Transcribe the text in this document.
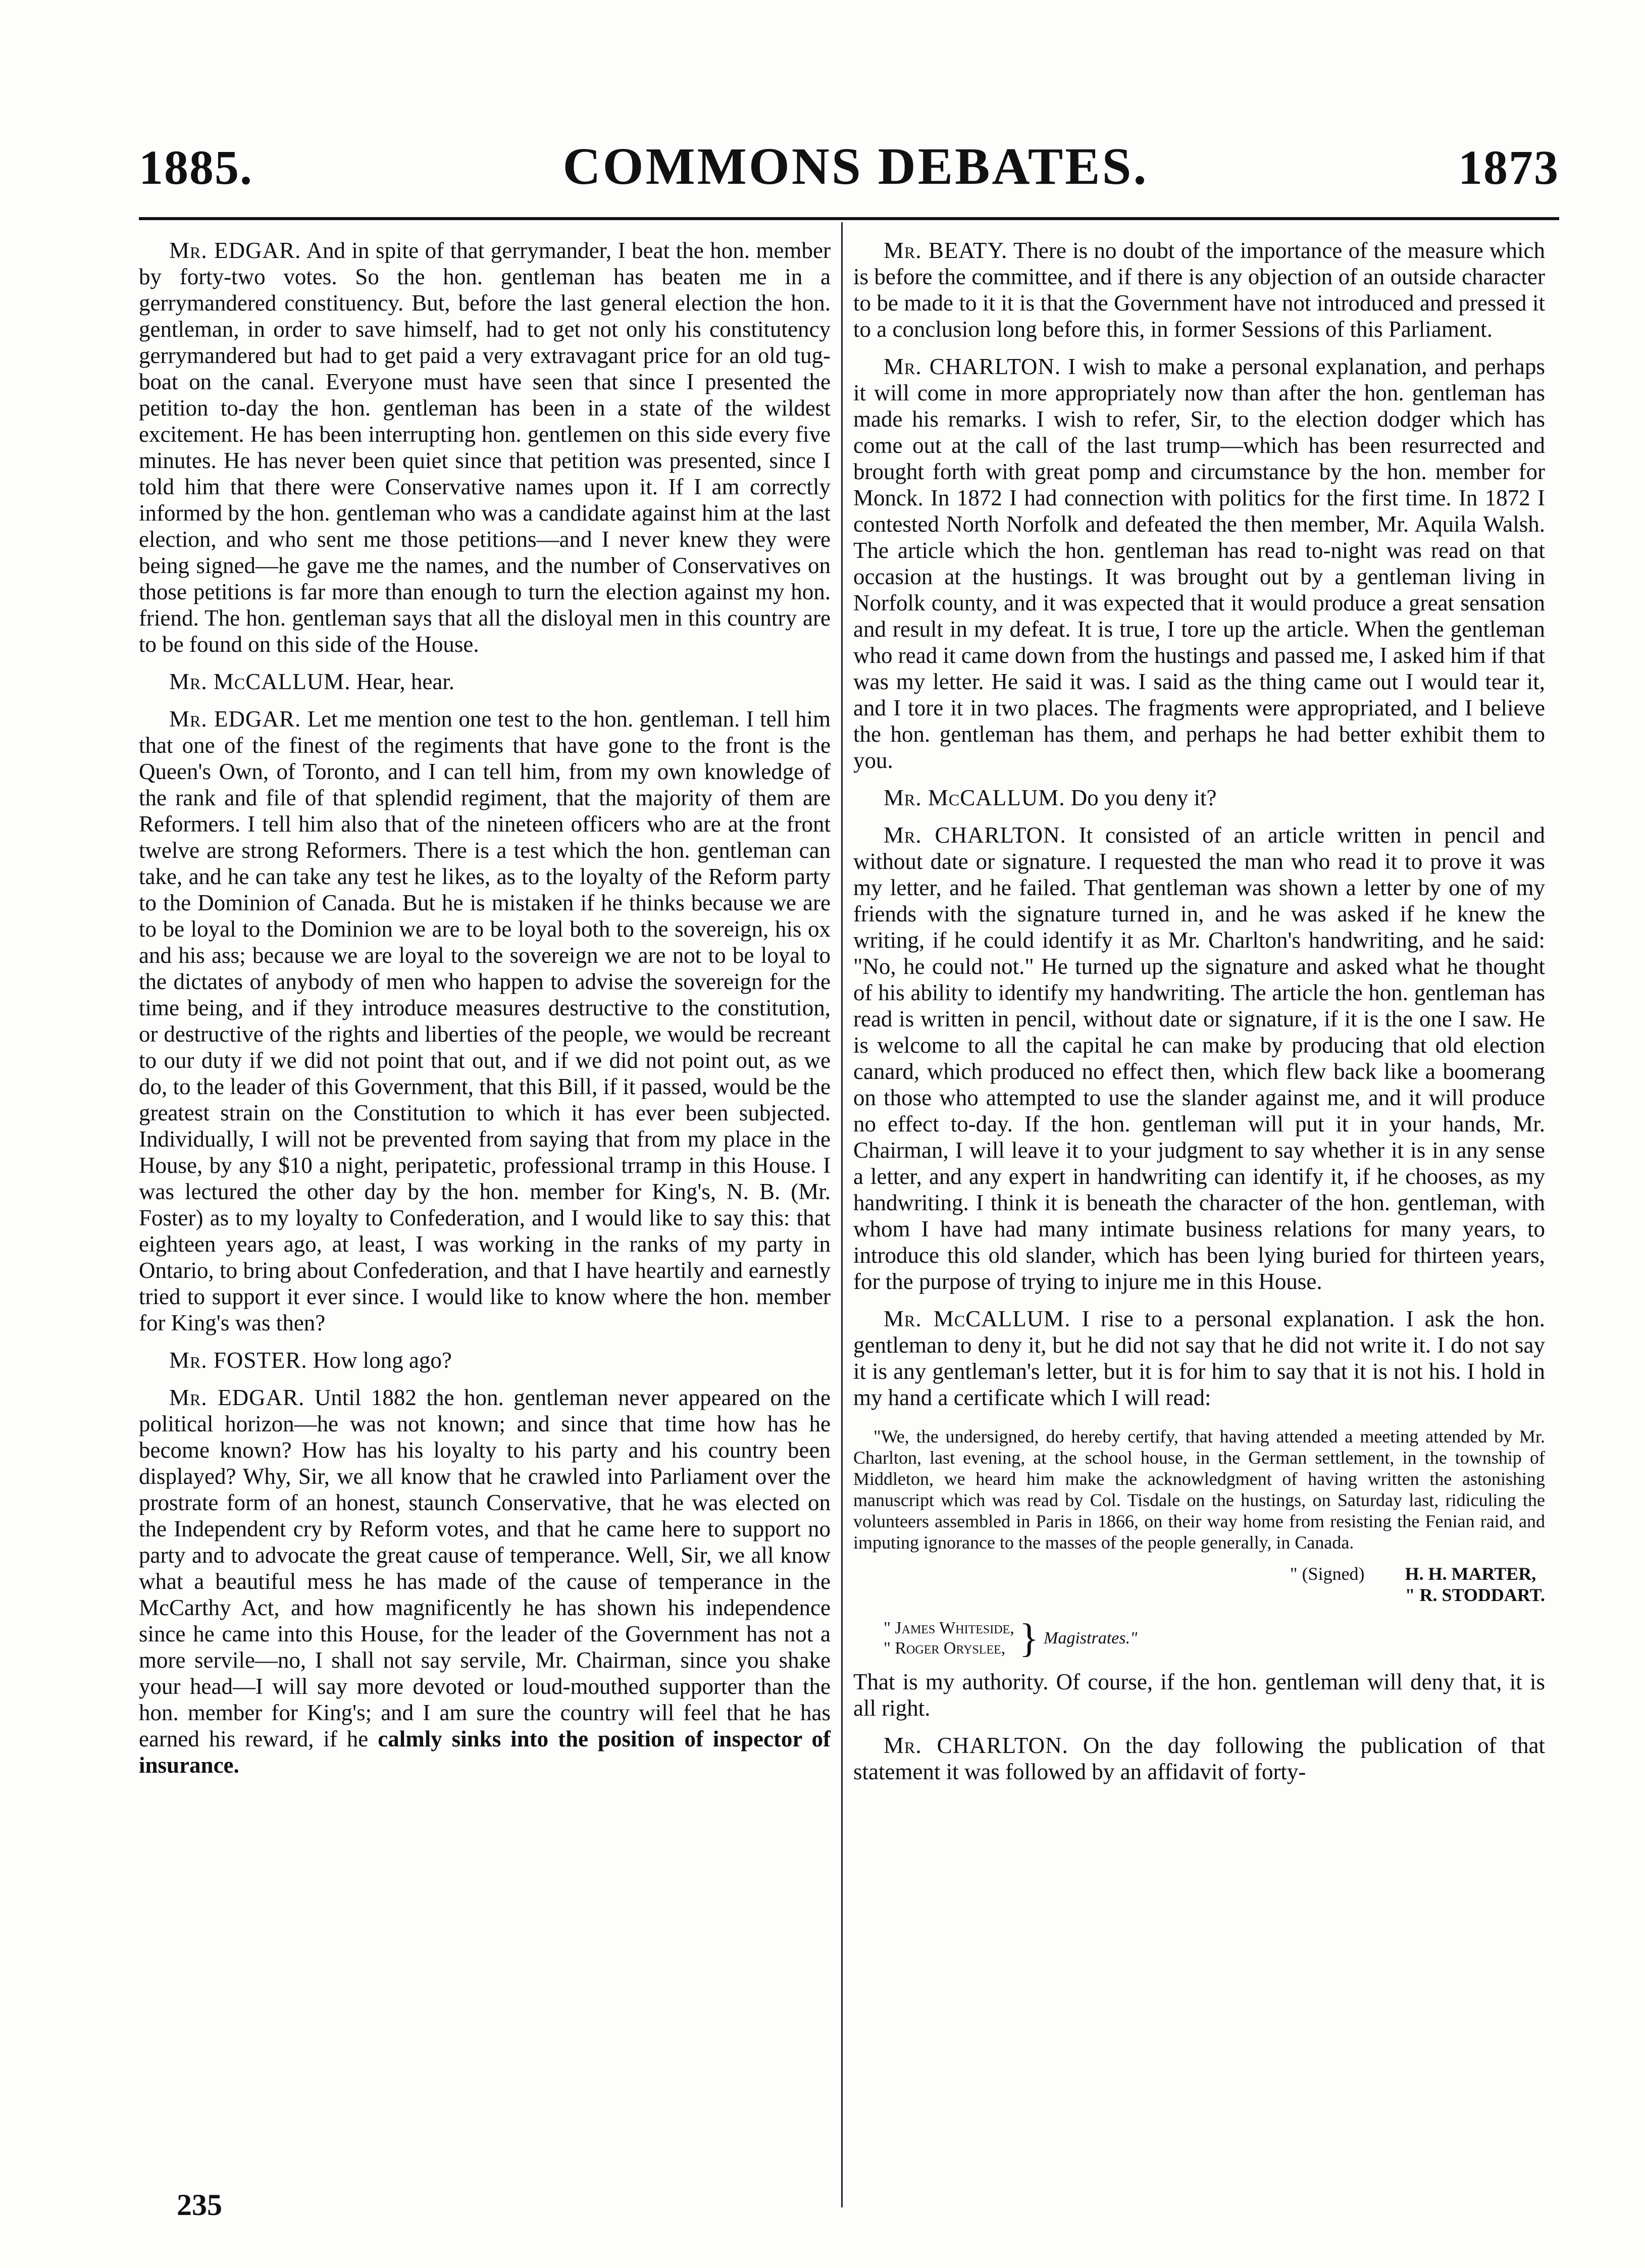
1885.	COMMONS DEBATES.	1873

Mr. EDGAR. And in spite of that gerrymander, I beat the hon. member by forty-two votes. So the hon. gentleman has beaten me in a gerrymandered constituency. But, before the last general election the hon. gentleman, in order to save himself, had to get not only his constitutency gerrymandered but had to get paid a very extravagant price for an old tug-boat on the canal. Everyone must have seen that since I presented the petition to-day the hon. gentleman has been in a state of the wildest excitement. He has been interrupting hon. gentlemen on this side every five minutes. He has never been quiet since that petition was presented, since I told him that there were Conservative names upon it. If I am correctly informed by the hon. gentleman who was a candidate against him at the last election, and who sent me those petitions—and I never knew they were being signed—he gave me the names, and the number of Conservatives on those petitions is far more than enough to turn the election against my hon. friend. The hon. gentleman says that all the disloyal men in this country are to be found on this side of the House.

Mr. McCALLUM. Hear, hear.

Mr. EDGAR. Let me mention one test to the hon. gentleman. I tell him that one of the finest of the regiments that have gone to the front is the Queen's Own, of Toronto, and I can tell him, from my own knowledge of the rank and file of that splendid regiment, that the majority of them are Reformers. I tell him also that of the nineteen officers who are at the front twelve are strong Reformers. There is a test which the hon. gentleman can take, and he can take any test he likes, as to the loyalty of the Reform party to the Dominion of Canada. But he is mistaken if he thinks because we are to be loyal to the Dominion we are to be loyal both to the sovereign, his ox and his ass; because we are loyal to the sovereign we are not to be loyal to the dictates of anybody of men who happen to advise the sovereign for the time being, and if they introduce measures destructive to the constitution, or destructive of the rights and liberties of the people, we would be recreant to our duty if we did not point that out, and if we did not point out, as we do, to the leader of this Government, that this Bill, if it passed, would be the greatest strain on the Constitution to which it has ever been subjected. Individually, I will not be prevented from saying that from my place in the House, by any $10 a night, peripatetic, professional trramp in this House. I was lectured the other day by the hon. member for King's, N. B. (Mr. Foster) as to my loyalty to Confederation, and I would like to say this: that eighteen years ago, at least, I was working in the ranks of my party in Ontario, to bring about Confederation, and that I have heartily and earnestly tried to support it ever since. I would like to know where the hon. member for King's was then?

Mr. FOSTER. How long ago?

Mr. EDGAR. Until 1882 the hon. gentleman never appeared on the political horizon—he was not known; and since that time how has he become known? How has his loyalty to his party and his country been displayed? Why, Sir, we all know that he crawled into Parliament over the prostrate form of an honest, staunch Conservative, that he was elected on the Independent cry by Reform votes, and that he came here to support no party and to advocate the great cause of temperance. Well, Sir, we all know what a beautiful mess he has made of the cause of temperance in the McCarthy Act, and how magnificently he has shown his independence since he came into this House, for the leader of the Government has not a more servile—no, I shall not say servile, Mr. Chairman, since you shake your head—I will say more devoted or loud-mouthed supporter than the hon. member for King's; and I am sure the country will feel that he has earned his reward, if he calmly sinks into the position of inspector of insurance.

Mr. BEATY. There is no doubt of the importance of the measure which is before the committee, and if there is any objection of an outside character to be made to it it is that the Government have not introduced and pressed it to a conclusion long before this, in former Sessions of this Parliament.

Mr. CHARLTON. I wish to make a personal explanation, and perhaps it will come in more appropriately now than after the hon. gentleman has made his remarks. I wish to refer, Sir, to the election dodger which has come out at the call of the last trump—which has been resurrected and brought forth with great pomp and circumstance by the hon. member for Monck. In 1872 I had connection with politics for the first time. In 1872 I contested North Norfolk and defeated the then member, Mr. Aquila Walsh. The article which the hon. gentleman has read to-night was read on that occasion at the hustings. It was brought out by a gentleman living in Norfolk county, and it was expected that it would produce a great sensation and result in my defeat. It is true, I tore up the article. When the gentleman who read it came down from the hustings and passed me, I asked him if that was my letter. He said it was. I said as the thing came out I would tear it, and I tore it in two places. The fragments were appropriated, and I believe the hon. gentleman has them, and perhaps he had better exhibit them to you.

Mr. McCALLUM. Do you deny it?

Mr. CHARLTON. It consisted of an article written in pencil and without date or signature. I requested the man who read it to prove it was my letter, and he failed. That gentleman was shown a letter by one of my friends with the signature turned in, and he was asked if he knew the writing, if he could identify it as Mr. Charlton's handwriting, and he said: "No, he could not." He turned up the signature and asked what he thought of his ability to identify my handwriting. The article the hon. gentleman has read is written in pencil, without date or signature, if it is the one I saw. He is welcome to all the capital he can make by producing that old election canard, which produced no effect then, which flew back like a boomerang on those who attempted to use the slander against me, and it will produce no effect to-day. If the hon. gentleman will put it in your hands, Mr. Chairman, I will leave it to your judgment to say whether it is in any sense a letter, and any expert in handwriting can identify it, if he chooses, as my handwriting. I think it is beneath the character of the hon. gentleman, with whom I have had many intimate business relations for many years, to introduce this old slander, which has been lying buried for thirteen years, for the purpose of trying to injure me in this House.

Mr. McCALLUM. I rise to a personal explanation. I ask the hon. gentleman to deny it, but he did not say that he did not write it. I do not say it is any gentleman's letter, but it is for him to say that it is not his. I hold in my hand a certificate which I will read:

"We, the undersigned, do hereby certify, that having attended a meeting attended by Mr. Charlton, last evening, at the school house, in the German settlement, in the township of Middleton, we heard him make the acknowledgment of having written the astonishing manuscript which was read by Col. Tisdale on the hustings, on Saturday last, ridiculing the volunteers assembled in Paris in 1866, on their way home from resisting the Fenian raid, and imputing ignorance to the masses of the people generally, in Canada.
" (Signed) H. H. MARTER,
" R. STODDART.
" James Whiteside,
" Roger Oryslee, } Magistrates."

That is my authority. Of course, if the hon. gentleman will deny that, it is all right.

Mr. CHARLTON. On the day following the publication of that statement it was followed by an affidavit of forty-

235
